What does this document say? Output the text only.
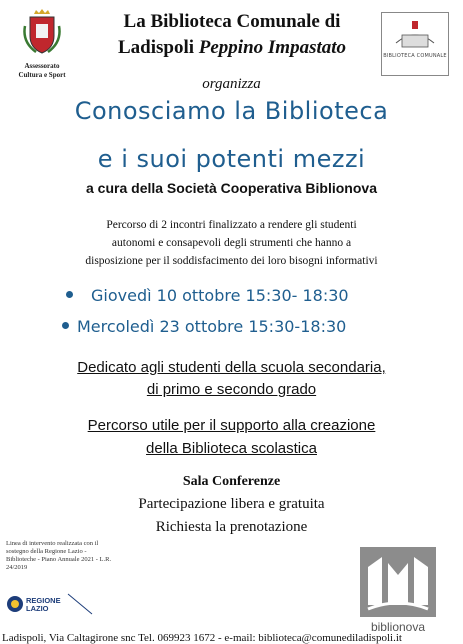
Assessorato
Cultura e Sport
La Biblioteca Comunale di
Ladispoli Peppino Impastato	BIBLIOTECA COMUNALE
organizza
Conosciamo la Biblioteca
e i suoi potenti mezzi
a cura della Società Cooperativa Biblionova
Percorso di 2 incontri finalizzato a rendere gli studenti
autonomi e consapevoli degli strumenti che hanno a
disposizione per il soddisfacimento dei loro bisogni informativi
Giovedì 10 ottobre 15:30- 18:30
Mercoledì 23 ottobre 15:30-18:30
Dedicato agli studenti della scuola secondaria,
di primo e secondo grado
Percorso utile per il supporto alla creazione
della Biblioteca scolastica
Sala Conferenze
Partecipazione libera e gratuita
Richiesta la prenotazione
Linea di intervento realizzata con il sostegno della Regione Lazio - Biblioteche - Piano Annuale 2021 - L.R. 24/2019
REGIONE
LAZIO
biblionova
Ladispoli, Via Caltagirone snc Tel. 069923 1672 - e-mail: biblioteca@comunediladispoli.it
